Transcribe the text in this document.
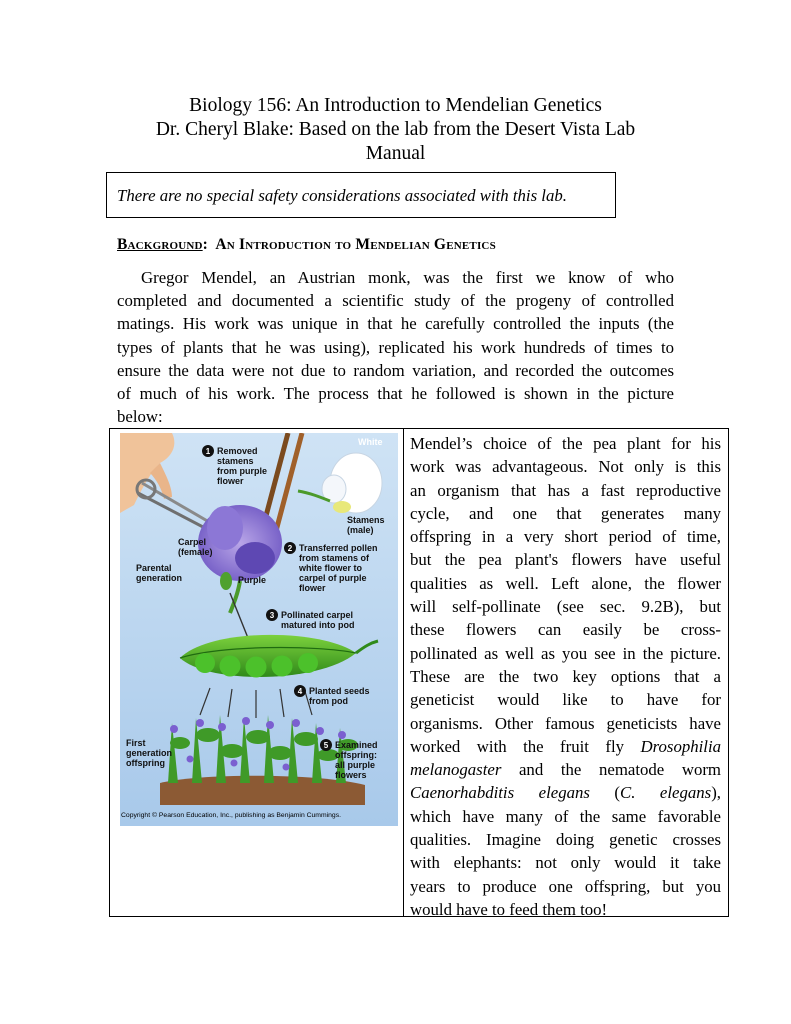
Biology 156: An Introduction to Mendelian Genetics
Dr. Cheryl Blake: Based on the lab from the Desert Vista Lab
Manual
There are no special safety considerations associated with this lab.
Background: An Introduction to Mendelian Genetics
Gregor Mendel, an Austrian monk, was the first we know of who
completed and documented a scientific study of the progeny of controlled
matings. His work was unique in that he carefully controlled the inputs (the
types of plants that he was using), replicated his work hundreds of times to
ensure the data were not due to random variation, and recorded the outcomes
of much of his work. The process that he followed is shown in the picture
below:
1
2
3
4
5
White
Removed
stamens
from purple
flower
Stamens
(male)
Carpel
(female)
Parental
generation
Transferred pollen
from stamens of
white flower to
carpel of purple
flower
Purple
Pollinated carpel
matured into pod
Planted seeds
from pod
First
generation
offspring
Examined
offspring:
all purple
flowers
Mendel’s choice of the pea plant for his
work was advantageous. Not only is this
an organism that has a fast reproductive
cycle, and one that generates many
offspring in a very short period of time,
but the pea plant's flowers have useful
qualities as well. Left alone, the flower
will self-pollinate (see sec. 9.2B), but
these flowers can easily be cross-
pollinated as well as you see in the picture.
These are the two key options that a
geneticist would like to have for
organisms. Other famous geneticists have
worked with the fruit fly Drosophilia
melanogaster and the nematode worm
Caenorhabditis elegans (C. elegans),
which have many of the same favorable
qualities. Imagine doing genetic crosses
with elephants: not only would it take
years to produce one offspring, but you
would have to feed them too!
Copyright © Pearson Education, Inc., publishing as Benjamin Cummings.
